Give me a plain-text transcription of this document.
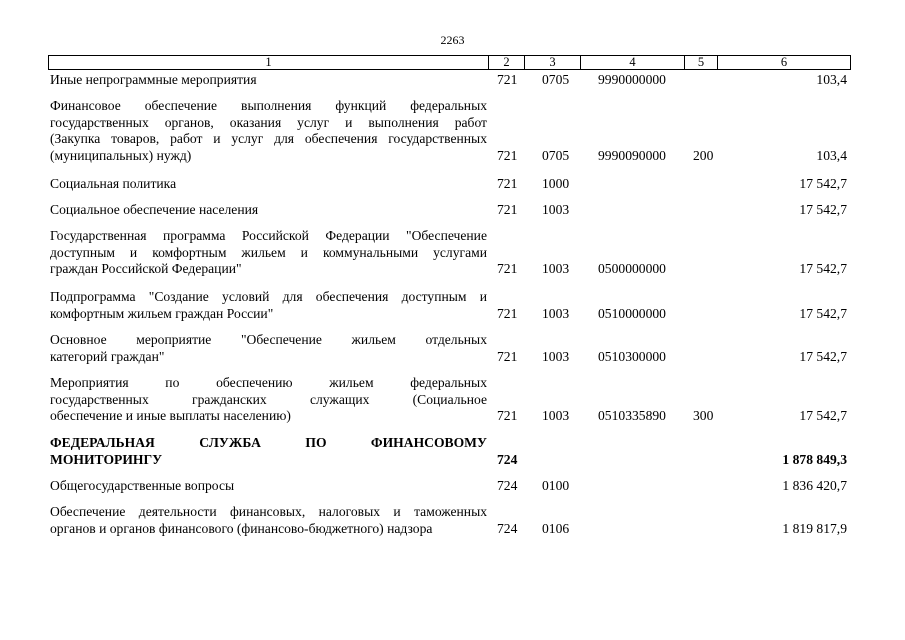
2263
1	2	3	4	5	6
Иные непрограммные мероприятия	721 0705 9990000000	103,4
Финансовое обеспечение выполнения функций федеральных
государственных органов, оказания услуг и выполнения работ
(Закупка товаров, работ и услуг для обеспечения государственных
(муниципальных) нужд)	721 0705 9990090000 200	103,4
Социальная политика	721 1000	17 542,7
Социальное обеспечение населения	721 1003	17 542,7
Государственная программа Российской Федерации "Обеспечение
доступным и комфортным жильем и коммунальными услугами
граждан Российской Федерации"	721 1003 0500000000	17 542,7
Подпрограмма "Создание условий для обеспечения доступным и
комфортным жильем граждан России"	721 1003 0510000000	17 542,7
Основное мероприятие "Обеспечение жильем отдельных
категорий граждан"	721 1003 0510300000	17 542,7
Мероприятия по обеспечению жильем федеральных
государственных гражданских служащих (Социальное
обеспечение и иные выплаты населению)	721 1003 0510335890 300	17 542,7
ФЕДЕРАЛЬНАЯ СЛУЖБА ПО ФИНАНСОВОМУ
МОНИТОРИНГУ	724	1 878 849,3
Общегосударственные вопросы	724 0100	1 836 420,7
Обеспечение деятельности финансовых, налоговых и таможенных
органов и органов финансового (финансово-бюджетного) надзора	724 0106	1 819 817,9
